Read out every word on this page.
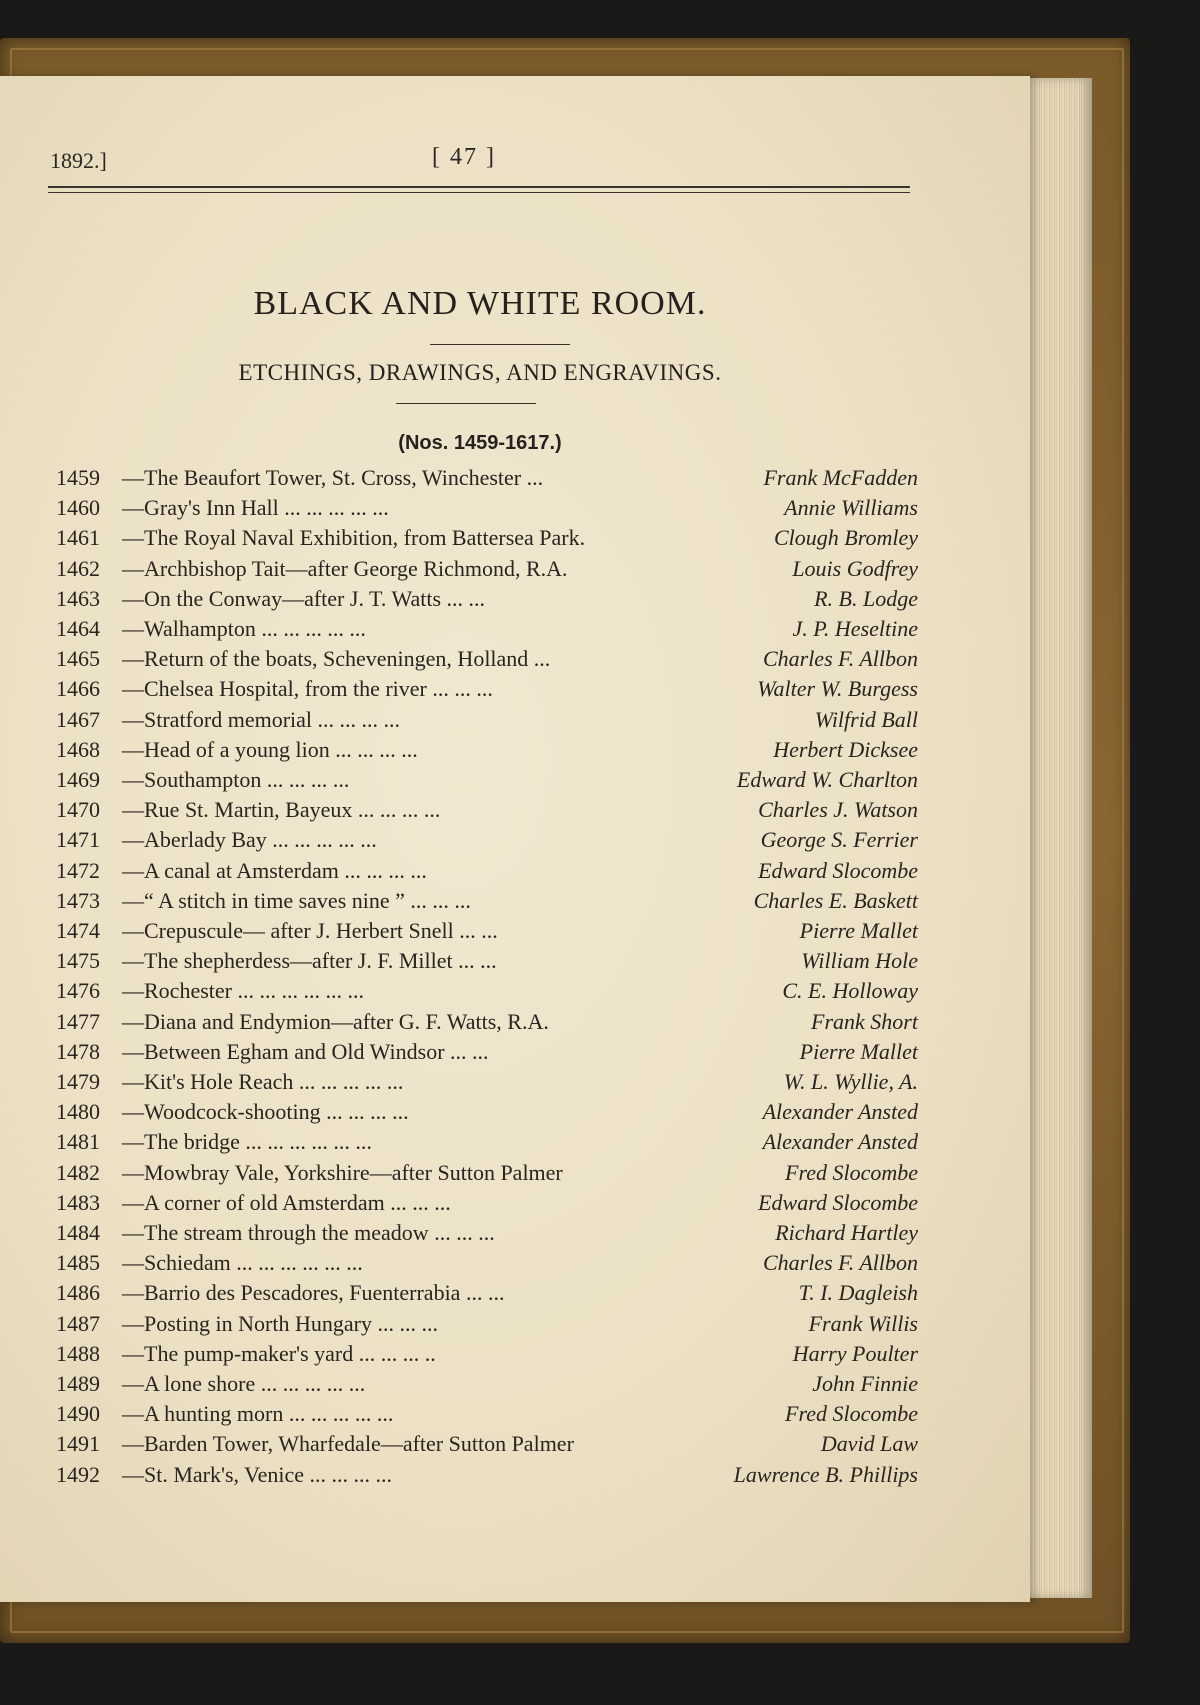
1892.]	[ 47 ]
BLACK AND WHITE ROOM.
ETCHINGS, DRAWINGS, AND ENGRAVINGS.
(Nos. 1459-1617.)
1459 —The Beaufort Tower, St. Cross, Winchester ...	Frank McFadden
1460 —Gray's Inn Hall ... ... ... ... ...	Annie Williams
1461 —The Royal Naval Exhibition, from Battersea Park.	Clough Bromley
1462 —Archbishop Tait—after George Richmond, R.A.	Louis Godfrey
1463 —On the Conway—after J. T. Watts ... ...	R. B. Lodge
1464 —Walhampton ... ... ... ... ...	J. P. Heseltine
1465 —Return of the boats, Scheveningen, Holland ...	Charles F. Allbon
1466 —Chelsea Hospital, from the river ... ... ...	Walter W. Burgess
1467 —Stratford memorial ... ... ... ...	Wilfrid Ball
1468 —Head of a young lion ... ... ... ...	Herbert Dicksee
1469 —Southampton ... ... ... ...	Edward W. Charlton
1470 —Rue St. Martin, Bayeux ... ... ... ...	Charles J. Watson
1471 —Aberlady Bay ... ... ... ... ...	George S. Ferrier
1472 —A canal at Amsterdam ... ... ... ...	Edward Slocombe
1473 —“ A stitch in time saves nine ” ... ... ...	Charles E. Baskett
1474 —Crepuscule— after J. Herbert Snell ... ...	Pierre Mallet
1475 —The shepherdess—after J. F. Millet ... ...	William Hole
1476 —Rochester ... ... ... ... ... ...	C. E. Holloway
1477 —Diana and Endymion—after G. F. Watts, R.A.	Frank Short
1478 —Between Egham and Old Windsor ... ...	Pierre Mallet
1479 —Kit's Hole Reach ... ... ... ... ...	W. L. Wyllie, A.
1480 —Woodcock-shooting ... ... ... ...	Alexander Ansted
1481 —The bridge ... ... ... ... ... ...	Alexander Ansted
1482 —Mowbray Vale, Yorkshire—after Sutton Palmer	Fred Slocombe
1483 —A corner of old Amsterdam ... ... ...	Edward Slocombe
1484 —The stream through the meadow ... ... ...	Richard Hartley
1485 —Schiedam ... ... ... ... ... ...	Charles F. Allbon
1486 —Barrio des Pescadores, Fuenterrabia ... ...	T. I. Dagleish
1487 —Posting in North Hungary ... ... ...	Frank Willis
1488 —The pump-maker's yard ... ... ... ..	Harry Poulter
1489 —A lone shore ... ... ... ... ...	John Finnie
1490 —A hunting morn ... ... ... ... ...	Fred Slocombe
1491 —Barden Tower, Wharfedale—after Sutton Palmer	David Law
1492 —St. Mark's, Venice ... ... ... ...	Lawrence B. Phillips
